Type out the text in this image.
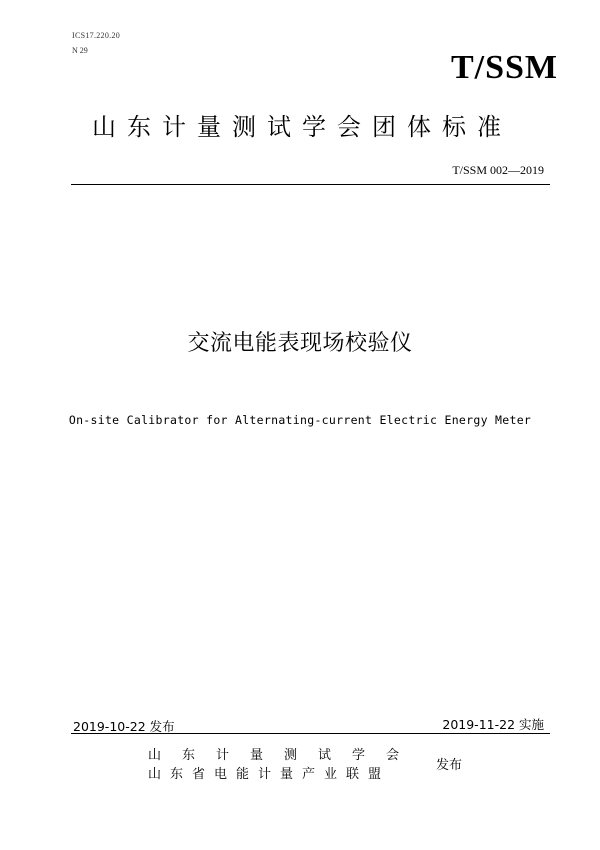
ICS17.220.20
N 29	T/SSM
山东计量测试学会团体标准
T/SSM 002—2019
交流电能表现场校验仪
On-site Calibrator for Alternating-current Electric Energy Meter
2019-10-22 发布	2019-11-22 实施
山东计量测试学会
山东省电能计量产业联盟
发布
